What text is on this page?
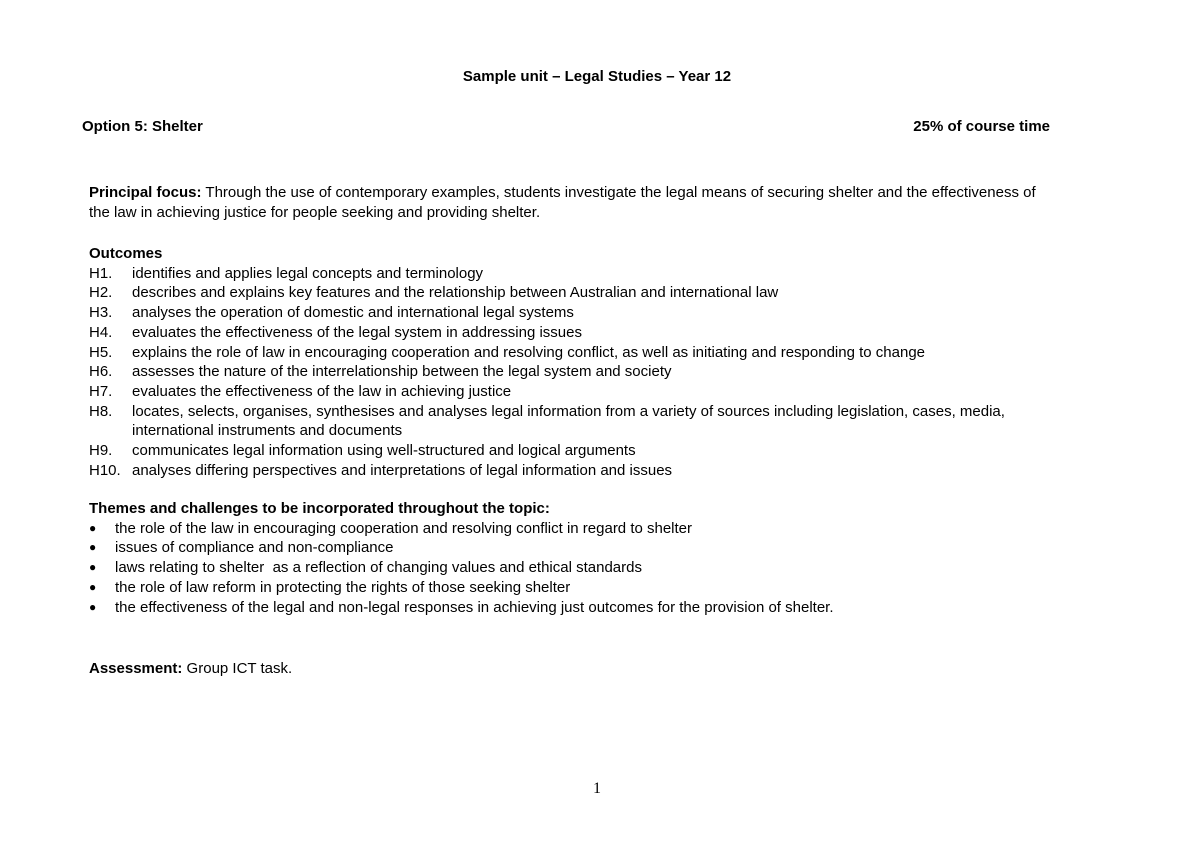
Sample unit – Legal Studies – Year 12
Option 5: Shelter	25% of course time
Principal focus: Through the use of contemporary examples, students investigate the legal means of securing shelter and the effectiveness of the law in achieving justice for people seeking and providing shelter.
Outcomes
H1.	identifies and applies legal concepts and terminology
H2.	describes and explains key features and the relationship between Australian and international law
H3.	analyses the operation of domestic and international legal systems
H4.	evaluates the effectiveness of the legal system in addressing issues
H5.	explains the role of law in encouraging cooperation and resolving conflict, as well as initiating and responding to change
H6.	assesses the nature of the interrelationship between the legal system and society
H7.	evaluates the effectiveness of the law in achieving justice
H8.	locates, selects, organises, synthesises and analyses legal information from a variety of sources including legislation, cases, media, international instruments and documents
H9.	communicates legal information using well-structured and logical arguments
H10. analyses differing perspectives and interpretations of legal information and issues
Themes and challenges to be incorporated throughout the topic:
●	the role of the law in encouraging cooperation and resolving conflict in regard to shelter
●	issues of compliance and non-compliance
●	laws relating to shelter  as a reflection of changing values and ethical standards
●	the role of law reform in protecting the rights of those seeking shelter
●	the effectiveness of the legal and non-legal responses in achieving just outcomes for the provision of shelter.
Assessment: Group ICT task.
1
